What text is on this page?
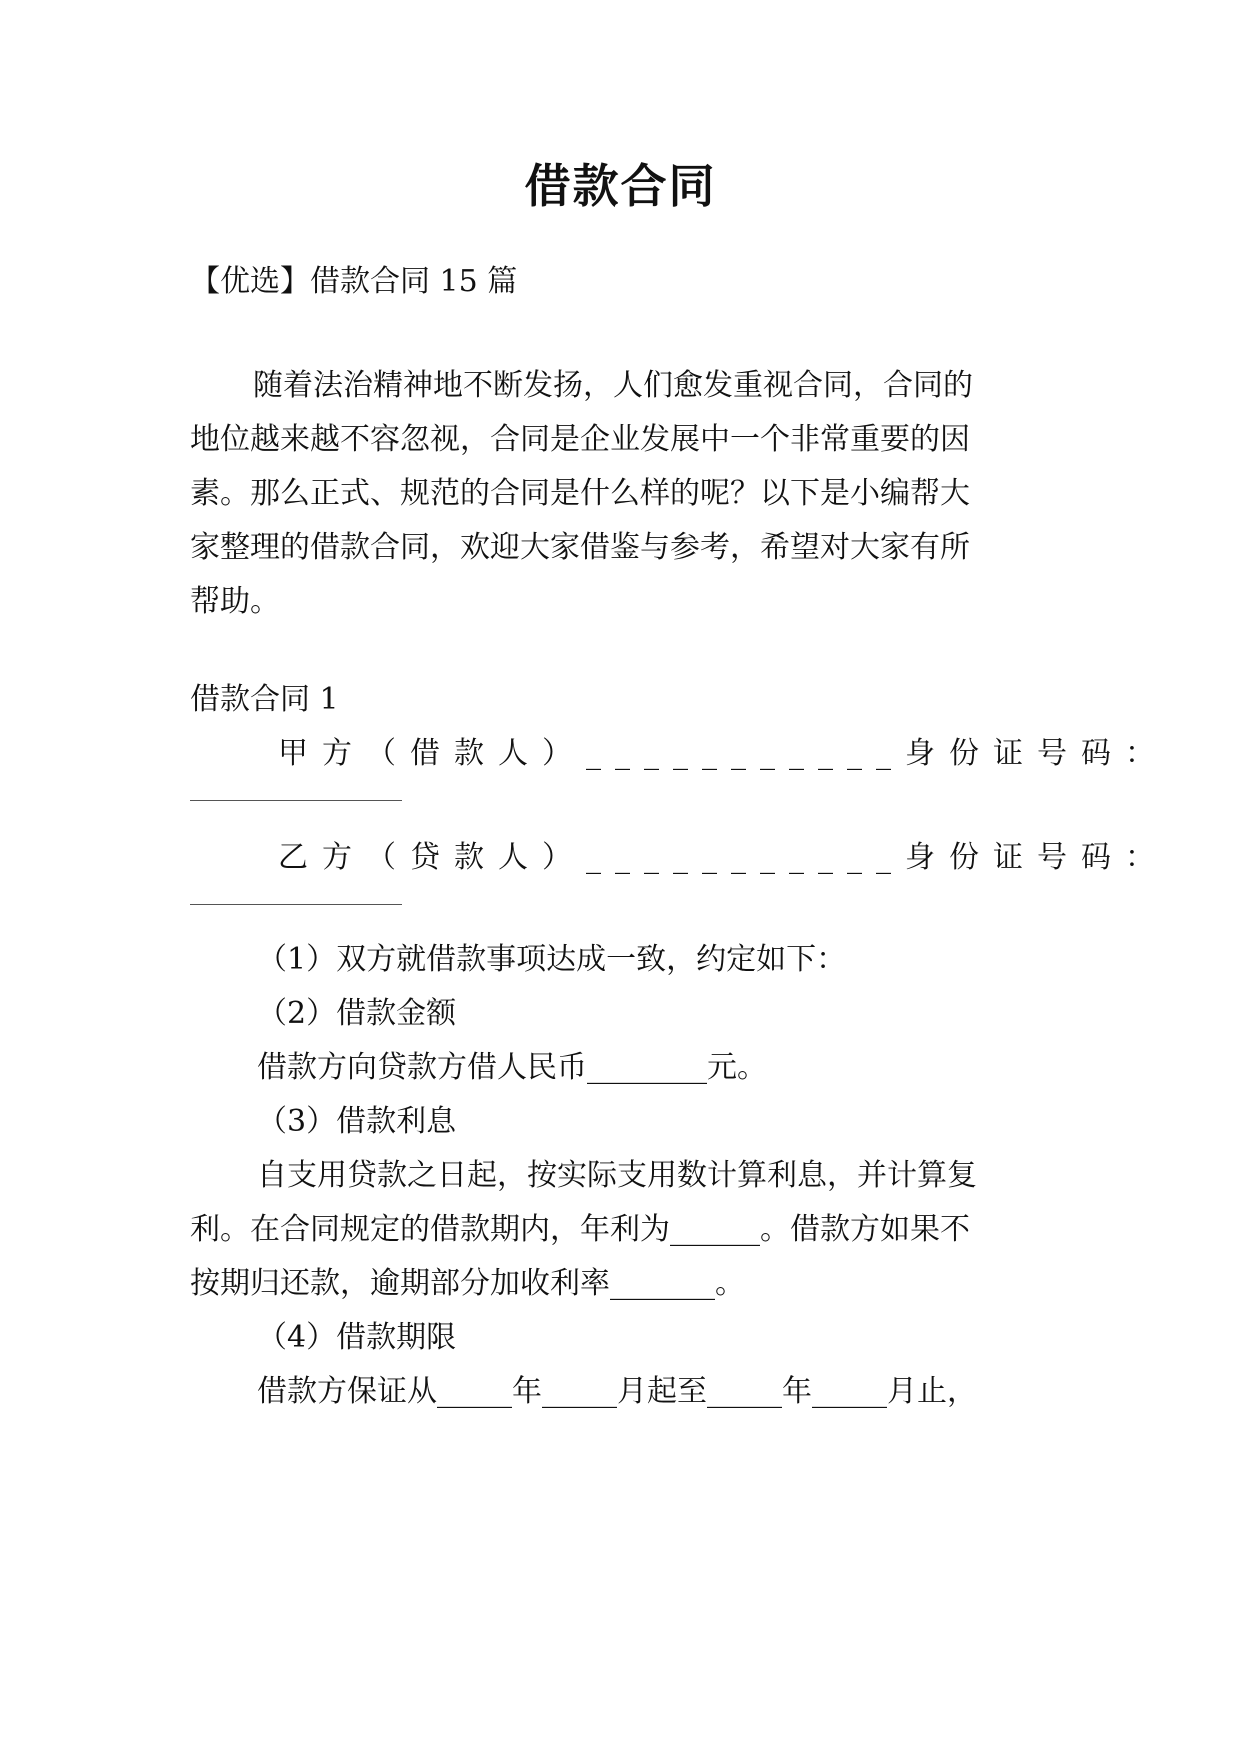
借款合同

【优选】借款合同 15 篇

随着法治精神地不断发扬，人们愈发重视合同，合同的

地位越来越不容忽视，合同是企业发展中一个非常重要的因

素。那么正式、规范的合同是什么样的呢？以下是小编帮大

家整理的借款合同，欢迎大家借鉴与参考，希望对大家有所

帮助。

借款合同 1

甲方（借款人）___________身份证号码：

乙方（贷款人）___________身份证号码：

（1）双方就借款事项达成一致，约定如下：

（2）借款金额

借款方向贷款方借人民币________元。

（3）借款利息

自支用贷款之日起，按实际支用数计算利息，并计算复

利。在合同规定的借款期内，年利为______。借款方如果不

按期归还款，逾期部分加收利率_______。

（4）借款期限

借款方保证从_____年_____月起至_____年_____月止，
